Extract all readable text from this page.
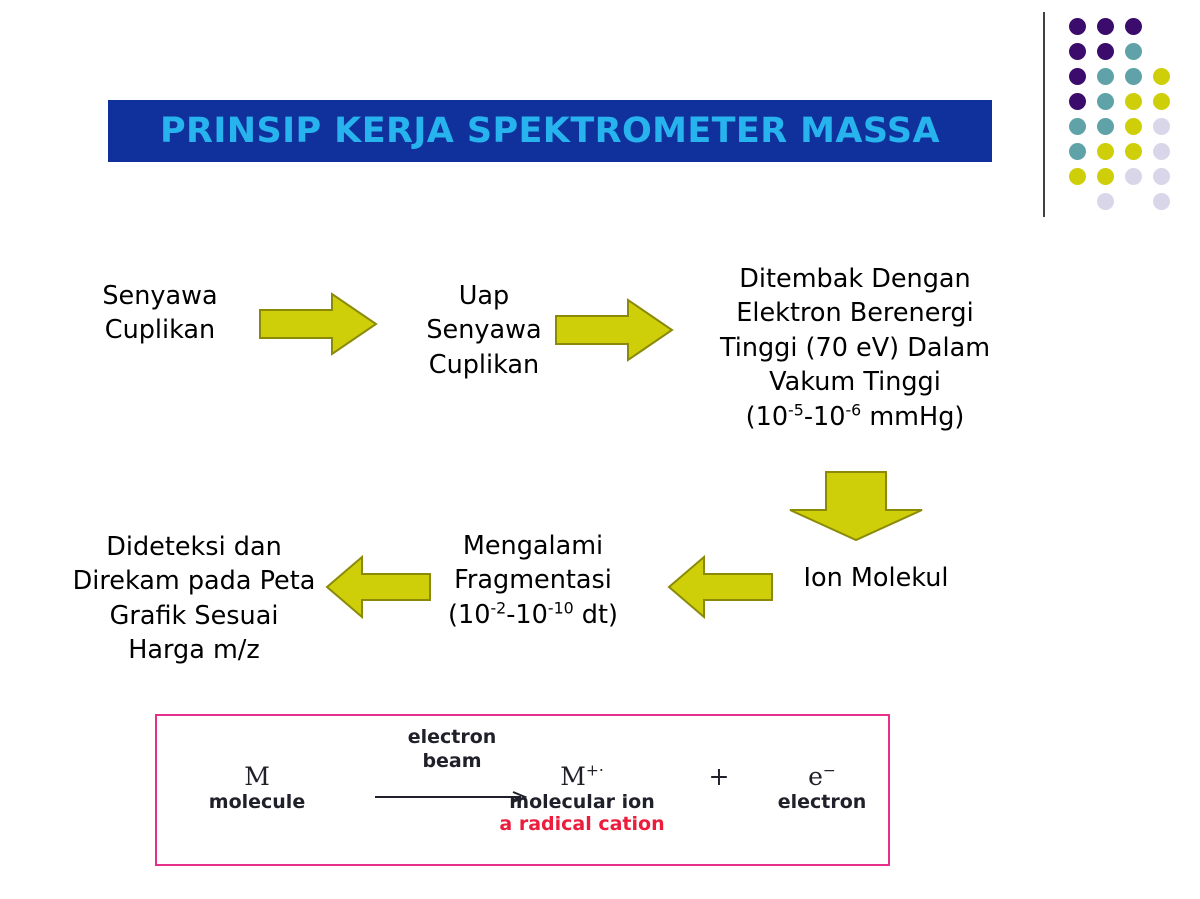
PRINSIP KERJA SPEKTROMETER MASSA
Senyawa
Cuplikan
Uap
Senyawa
Cuplikan
Ditembak Dengan
Elektron Berenergi
Tinggi (70 eV) Dalam
Vakum Tinggi
($10^{-5}-10^{-6}$ mmHg)
Ion Molekul
Mengalami
Fragmentasi
($10^{-2}-10^{-10}$ dt)
Dideteksi dan
Direkam pada Peta
Grafik Sesuai
Harga m/z
electron
beam
M
molecule
M+·
molecular ion
a radical cation
+	e−
electron
